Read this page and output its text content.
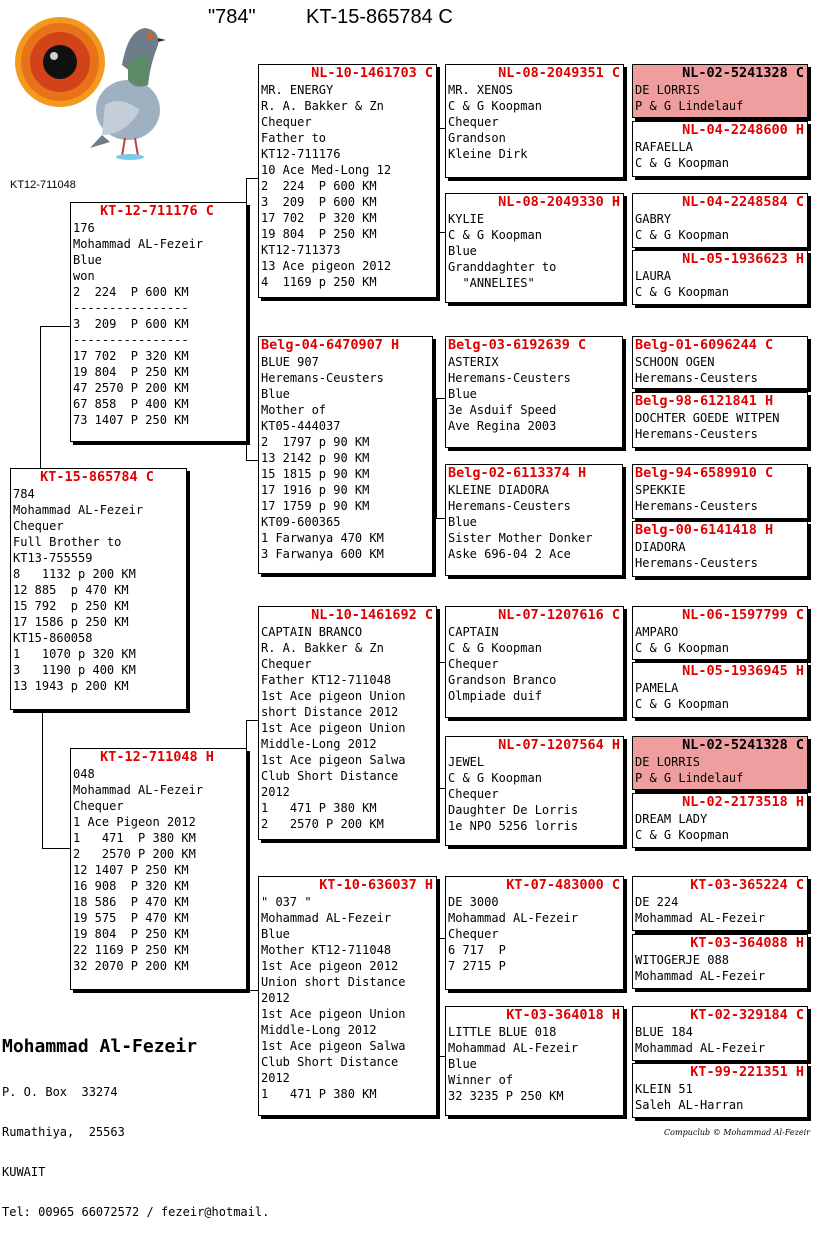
"784"	KT-15-865784 C
KT12-711048
KT-15-865784 C
784
Mohammad AL-Fezeir
Chequer
Full Brother to
KT13-755559
8   1132 p 200 KM
12 885  p 470 KM
15 792  p 250 KM
17 1586 p 250 KM
KT15-860058
1   1070 p 320 KM
3   1190 p 400 KM
13 1943 p 200 KM
KT-12-711176 C
176
Mohammad AL-Fezeir
Blue
won
2  224  P 600 KM
----------------
3  209  P 600 KM
----------------
17 702  P 320 KM
19 804  P 250 KM
47 2570 P 200 KM
67 858  P 400 KM
73 1407 P 250 KM
KT-12-711048 H
048
Mohammad AL-Fezeir
Chequer
1 Ace Pigeon 2012
1   471  P 380 KM
2   2570 P 200 KM
12 1407 P 250 KM
16 908  P 320 KM
18 586  P 470 KM
19 575  P 470 KM
19 804  P 250 KM
22 1169 P 250 KM
32 2070 P 200 KM
NL-10-1461703 C
MR. ENERGY
R. A. Bakker & Zn
Chequer
Father to
KT12-711176
10 Ace Med-Long 12
2  224  P 600 KM
3  209  P 600 KM
17 702  P 320 KM
19 804  P 250 KM
KT12-711373
13 Ace pigeon 2012
4  1169 p 250 KM
Belg-04-6470907 H
BLUE 907
Heremans-Ceusters
Blue
Mother of
KT05-444037
2  1797 p 90 KM
13 2142 p 90 KM
15 1815 p 90 KM
17 1916 p 90 KM
17 1759 p 90 KM
KT09-600365
1 Farwanya 470 KM
3 Farwanya 600 KM
NL-10-1461692 C
CAPTAIN BRANCO
R. A. Bakker & Zn
Chequer
Father KT12-711048
1st Ace pigeon Union
short Distance 2012
1st Ace pigeon Union
Middle-Long 2012
1st Ace pigeon Salwa
Club Short Distance
2012
1   471 P 380 KM
2   2570 P 200 KM
KT-10-636037 H
" 037 "
Mohammad AL-Fezeir
Blue
Mother KT12-711048
1st Ace pigeon 2012
Union short Distance
2012
1st Ace pigeon Union
Middle-Long 2012
1st Ace pigeon Salwa
Club Short Distance
2012
1   471 P 380 KM
NL-08-2049351 C
MR. XENOS
C & G Koopman
Chequer
Grandson
Kleine Dirk
NL-08-2049330 H
KYLIE
C & G Koopman
Blue
Granddaghter to
"ANNELIES"
Belg-03-6192639 C
ASTERIX
Heremans-Ceusters
Blue
3e Asduif Speed
Ave Regina 2003
Belg-02-6113374 H
KLEINE DIADORA
Heremans-Ceusters
Blue
Sister Mother Donker
Aske 696-04 2 Ace
NL-07-1207616 C
CAPTAIN
C & G Koopman
Chequer
Grandson Branco
Olmpiade duif
NL-07-1207564 H
JEWEL
C & G Koopman
Chequer
Daughter De Lorris
1e NPO 5256 lorris
KT-07-483000 C
DE 3000
Mohammad AL-Fezeir
Chequer
6 717  P
7 2715 P
KT-03-364018 H
LITTLE BLUE 018
Mohammad AL-Fezeir
Blue
Winner of
32 3235 P 250 KM
NL-02-5241328 C
DE LORRIS
P & G Lindelauf
NL-04-2248600 H
RAFAELLA
C & G Koopman
NL-04-2248584 C
GABRY
C & G Koopman
NL-05-1936623 H
LAURA
C & G Koopman
Belg-01-6096244 C
SCHOON OGEN
Heremans-Ceusters
Belg-98-6121841 H
DOCHTER GOEDE WITPEN
Heremans-Ceusters
Belg-94-6589910 C
SPEKKIE
Heremans-Ceusters
Belg-00-6141418 H
DIADORA
Heremans-Ceusters
NL-06-1597799 C
AMPARO
C & G Koopman
NL-05-1936945 H
PAMELA
C & G Koopman
NL-02-5241328 C
DE LORRIS
P & G Lindelauf
NL-02-2173518 H
DREAM LADY
C & G Koopman
KT-03-365224 C
DE 224
Mohammad AL-Fezeir
KT-03-364088 H
WITOGERJE 088
Mohammad AL-Fezeir
KT-02-329184 C
BLUE 184
Mohammad AL-Fezeir
KT-99-221351 H
KLEIN 51
Saleh AL-Harran
Mohammad Al-Fezeir

P. O. Box  33274

Rumathiya,  25563

KUWAIT

Tel: 00965 66072572 / fezeir@hotmail.

Compuclub © Mohammad Al-Fezeir
